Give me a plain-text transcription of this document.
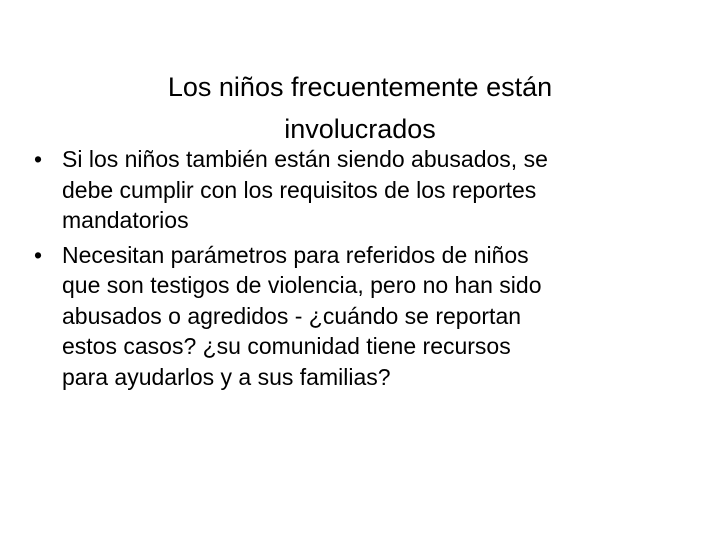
Los niños frecuentemente están
involucrados
• Si los niños también están siendo abusados, se
debe cumplir con los requisitos de los reportes
mandatorios
• Necesitan parámetros para referidos de niños
que son testigos de violencia, pero no han sido
abusados o agredidos - ¿cuándo se reportan
estos casos? ¿su comunidad tiene recursos
para ayudarlos y a sus familias?
